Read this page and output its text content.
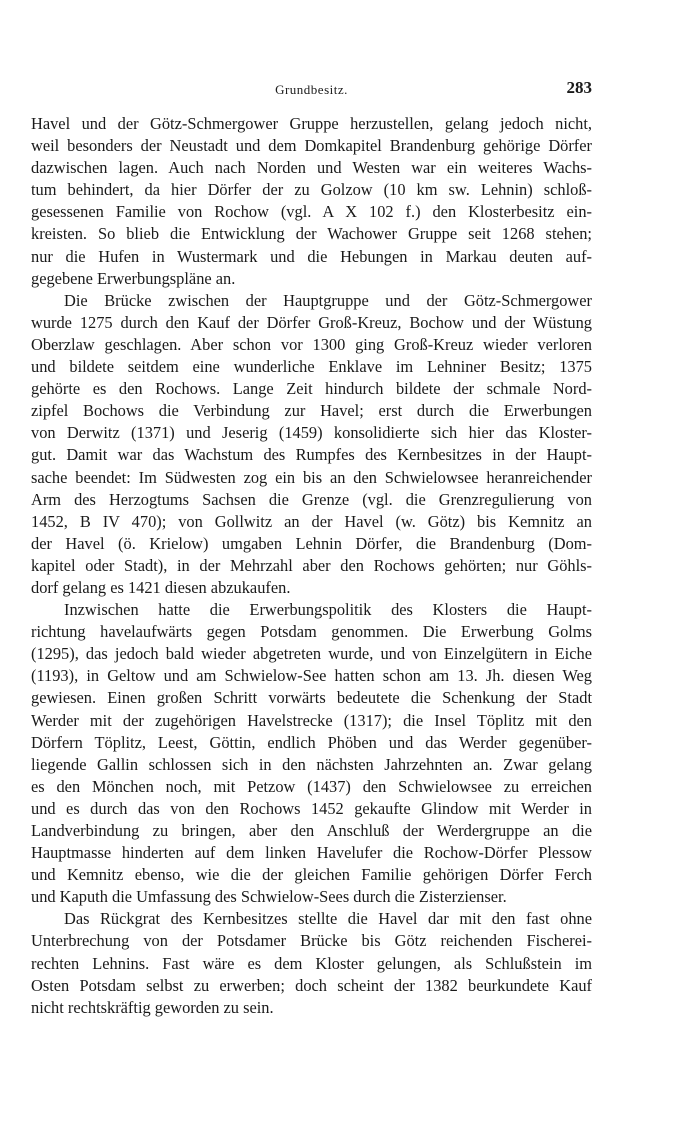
Grundbesitz.	283
Havel und der Götz-Schmergower Gruppe herzustellen, gelang jedoch nicht,
weil besonders der Neustadt und dem Domkapitel Brandenburg gehörige Dörfer
dazwischen lagen. Auch nach Norden und Westen war ein weiteres Wachs-
tum behindert, da hier Dörfer der zu Golzow (10 km sw. Lehnin) schloß-
gesessenen Familie von Rochow (vgl. A X 102 f.) den Klosterbesitz ein-
kreisten. So blieb die Entwicklung der Wachower Gruppe seit 1268 stehen;
nur die Hufen in Wustermark und die Hebungen in Markau deuten auf-
gegebene Erwerbungspläne an.
Die Brücke zwischen der Hauptgruppe und der Götz-Schmergower
wurde 1275 durch den Kauf der Dörfer Groß-Kreuz, Bochow und der Wüstung
Oberzlaw geschlagen. Aber schon vor 1300 ging Groß-Kreuz wieder verloren
und bildete seitdem eine wunderliche Enklave im Lehniner Besitz; 1375
gehörte es den Rochows. Lange Zeit hindurch bildete der schmale Nord-
zipfel Bochows die Verbindung zur Havel; erst durch die Erwerbungen
von Derwitz (1371) und Jeserig (1459) konsolidierte sich hier das Kloster-
gut. Damit war das Wachstum des Rumpfes des Kernbesitzes in der Haupt-
sache beendet: Im Südwesten zog ein bis an den Schwielowsee heranreichender
Arm des Herzogtums Sachsen die Grenze (vgl. die Grenzregulierung von
1452, B IV 470); von Gollwitz an der Havel (w. Götz) bis Kemnitz an
der Havel (ö. Krielow) umgaben Lehnin Dörfer, die Brandenburg (Dom-
kapitel oder Stadt), in der Mehrzahl aber den Rochows gehörten; nur Göhls-
dorf gelang es 1421 diesen abzukaufen.
Inzwischen hatte die Erwerbungspolitik des Klosters die Haupt-
richtung havelaufwärts gegen Potsdam genommen. Die Erwerbung Golms
(1295), das jedoch bald wieder abgetreten wurde, und von Einzelgütern in Eiche
(1193), in Geltow und am Schwielow-See hatten schon am 13. Jh. diesen Weg
gewiesen. Einen großen Schritt vorwärts bedeutete die Schenkung der Stadt
Werder mit der zugehörigen Havelstrecke (1317); die Insel Töplitz mit den
Dörfern Töplitz, Leest, Göttin, endlich Phöben und das Werder gegenüber-
liegende Gallin schlossen sich in den nächsten Jahrzehnten an. Zwar gelang
es den Mönchen noch, mit Petzow (1437) den Schwielowsee zu erreichen
und es durch das von den Rochows 1452 gekaufte Glindow mit Werder in
Landverbindung zu bringen, aber den Anschluß der Werdergruppe an die
Hauptmasse hinderten auf dem linken Havelufer die Rochow-Dörfer Plessow
und Kemnitz ebenso, wie die der gleichen Familie gehörigen Dörfer Ferch
und Kaputh die Umfassung des Schwielow-Sees durch die Zisterzienser.
Das Rückgrat des Kernbesitzes stellte die Havel dar mit den fast ohne
Unterbrechung von der Potsdamer Brücke bis Götz reichenden Fischerei-
rechten Lehnins. Fast wäre es dem Kloster gelungen, als Schlußstein im
Osten Potsdam selbst zu erwerben; doch scheint der 1382 beurkundete Kauf
nicht rechtskräftig geworden zu sein.
